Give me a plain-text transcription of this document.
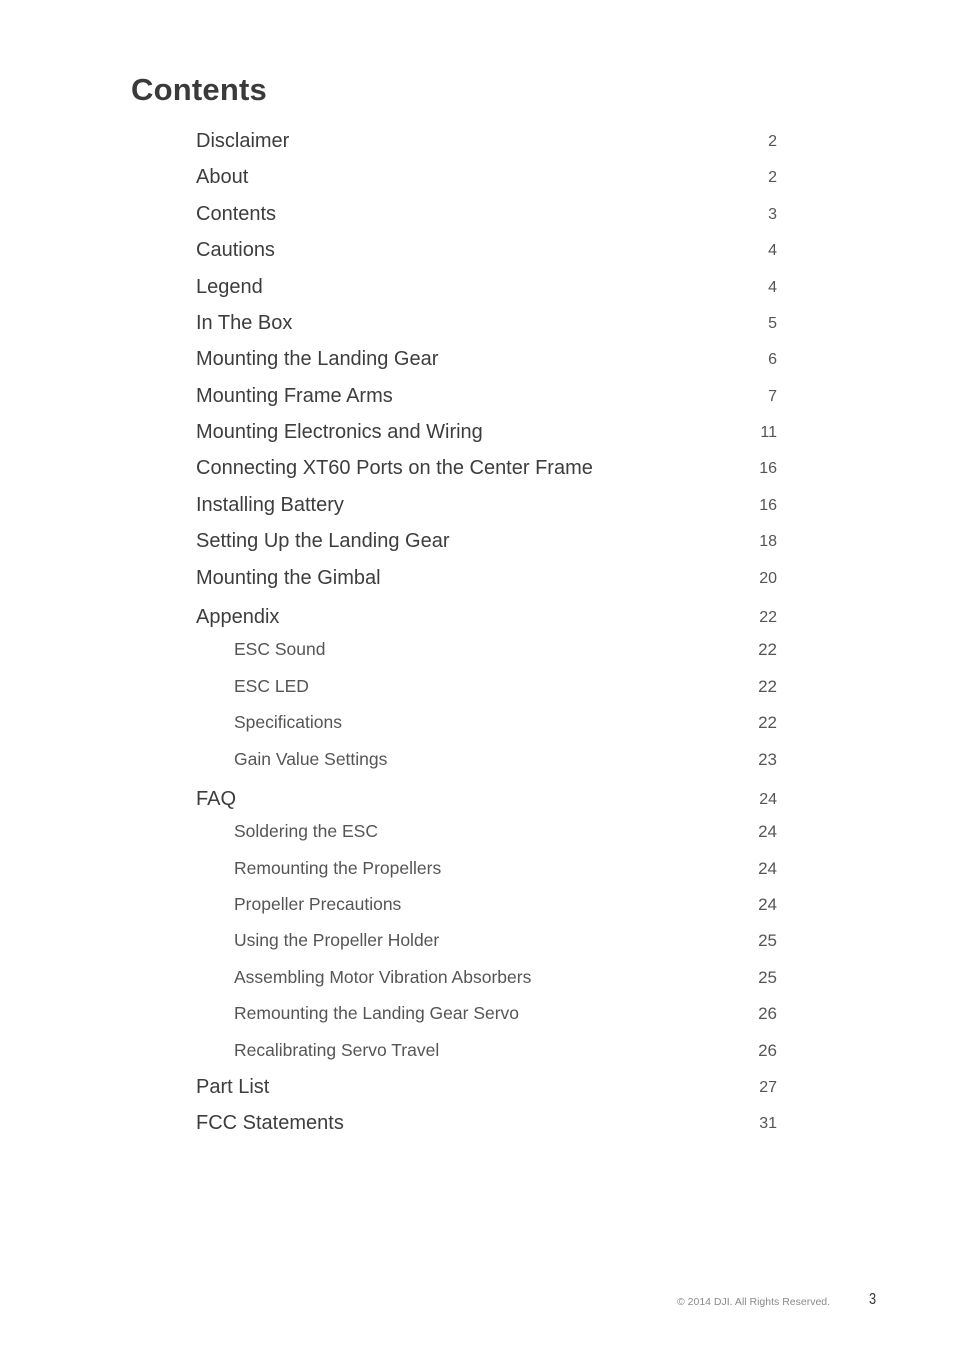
Contents
Disclaimer	2
About	2
Contents	3
Cautions	4
Legend	4
In The Box	5
Mounting the Landing Gear	6
Mounting Frame Arms	7
Mounting Electronics and Wiring	11
Connecting XT60 Ports on the Center Frame	16
Installing Battery	16
Setting Up the Landing Gear	18
Mounting the Gimbal	20
Appendix	22
ESC Sound	22
ESC LED	22
Specifications	22
Gain Value Settings	23
FAQ	24
Soldering the ESC	24
Remounting the Propellers	24
Propeller Precautions	24
Using the Propeller Holder	25
Assembling Motor Vibration Absorbers	25
Remounting the Landing Gear Servo	26
Recalibrating Servo Travel	26
Part List	27
FCC Statements	31
© 2014 DJI. All Rights Reserved. 3
